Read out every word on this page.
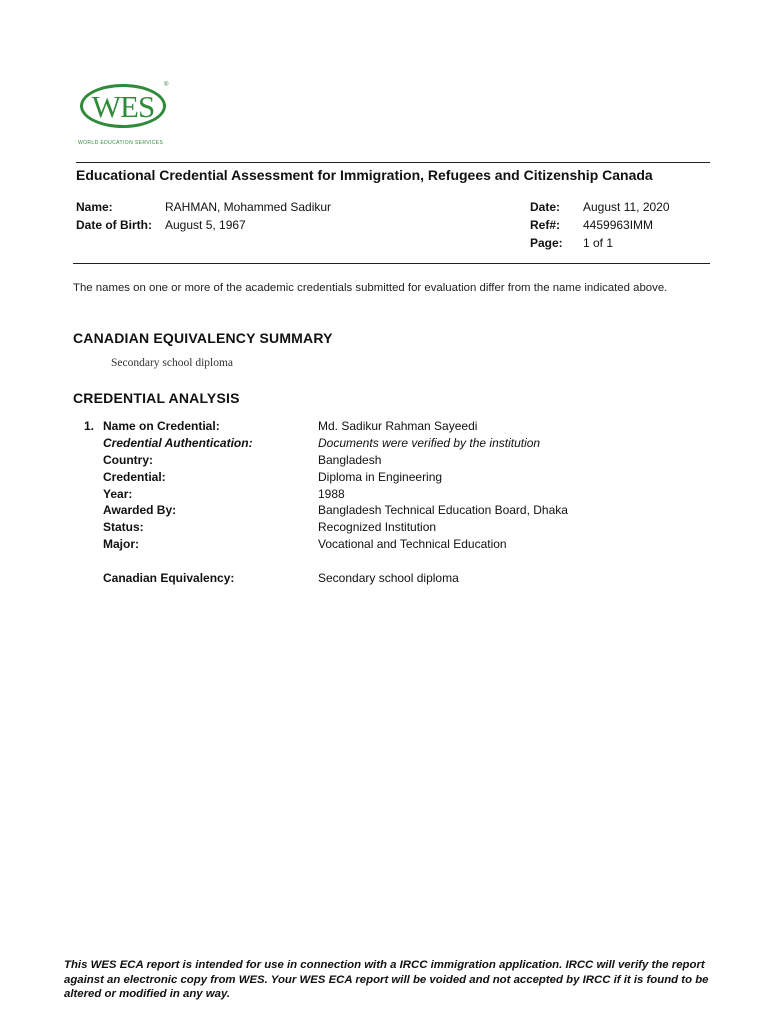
WES
®
WORLD EDUCATION SERVICES
Educational Credential Assessment for Immigration, Refugees and Citizenship Canada
Name:	RAHMAN, Mohammed Sadikur
Date of Birth: August 5, 1967
Date: August 11, 2020
Ref#: 4459963IMM
Page: 1 of 1
The names on one or more of the academic credentials submitted for evaluation differ from the name indicated above.
CANADIAN EQUIVALENCY SUMMARY
Secondary school diploma
CREDENTIAL ANALYSIS
1. Name on Credential:	Md. Sadikur Rahman Sayeedi
Credential Authentication:	Documents were verified by the institution
Country:	Bangladesh
Credential:	Diploma in Engineering
Year:	1988
Awarded By:	Bangladesh Technical Education Board, Dhaka
Status:	Recognized Institution
Major:	Vocational and Technical Education
Canadian Equivalency:	Secondary school diploma
This WES ECA report is intended for use in connection with a IRCC immigration application. IRCC will verify the report against an electronic copy from WES. Your WES ECA report will be voided and not accepted by IRCC if it is found to be altered or modified in any way.
